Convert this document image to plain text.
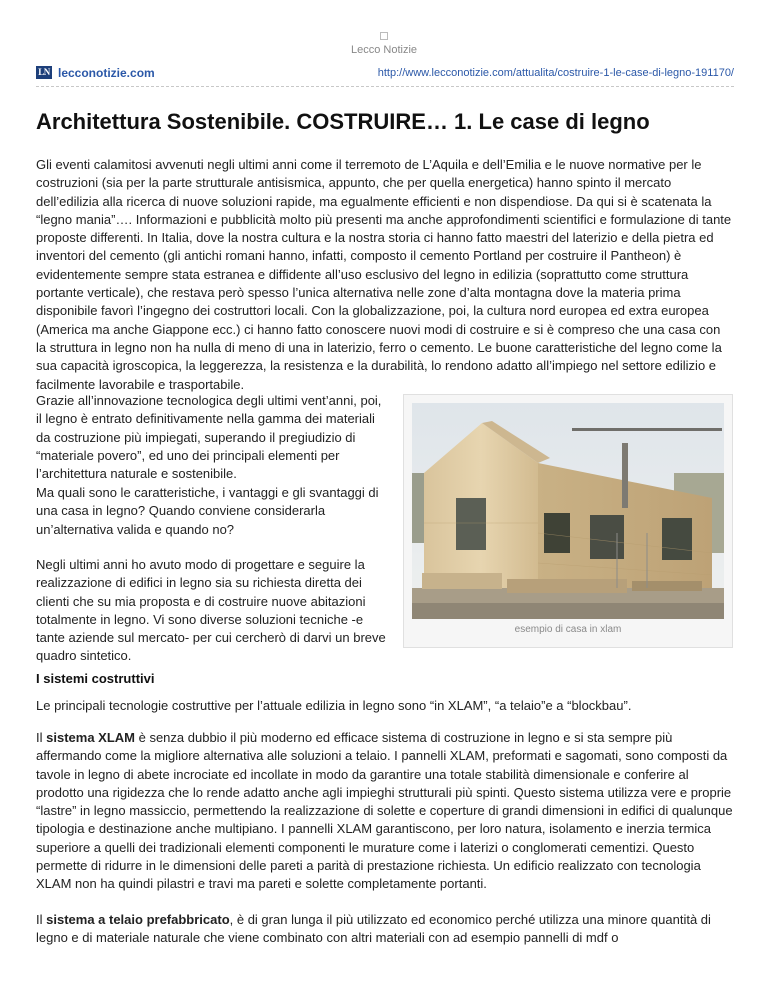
Lecco Notizie
LN lecconotizie.com	http://www.lecconotizie.com/attualita/costruire-1-le-case-di-legno-191170/
Architettura Sostenibile. COSTRUIRE… 1. Le case di legno

Gli eventi calamitosi avvenuti negli ultimi anni come il terremoto de L’Aquila e dell’Emilia e le nuove normative per le costruzioni (sia per la parte strutturale antisismica, appunto, che per quella energetica) hanno spinto il mercato dell’edilizia alla ricerca di nuove soluzioni rapide, ma egualmente efficienti e non dispendiose. Da qui si è scatenata la “legno mania”…. Informazioni e pubblicità molto più presenti ma anche approfondimenti scientifici e formulazione di tante proposte differenti. In Italia, dove la nostra cultura e la nostra storia ci hanno fatto maestri del laterizio e della pietra ed inventori del cemento (gli antichi romani hanno, infatti, composto il cemento Portland per costruire il Pantheon) è evidentemente sempre stata estranea e diffidente all’uso esclusivo del legno in edilizia (soprattutto come struttura portante verticale), che restava però spesso l’unica alternativa nelle zone d’alta montagna dove la materia prima disponibile favorì l’ingegno dei costruttori locali. Con la globalizzazione, poi, la cultura nord europea ed extra europea (America ma anche Giappone ecc.) ci hanno fatto conoscere nuovi modi di costruire e si è compreso che una casa con la struttura in legno non ha nulla di meno di una in laterizio, ferro o cemento. Le buone caratteristiche del legno come la sua capacità igroscopica, la leggerezza, la resistenza e la durabilità, lo rendono adatto all’impiego nel settore edilizio e facilmente lavorabile e trasportabile.

Grazie all’innovazione tecnologica degli ultimi vent’anni, poi, il legno è entrato definitivamente nella gamma dei materiali da costruzione più impiegati, superando il pregiudizio di “materiale povero”, ed uno dei principali elementi per l’architettura naturale e sostenibile.

Ma quali sono le caratteristiche, i vantaggi e gli svantaggi di una casa in legno? Quando conviene considerarla un’alternativa valida e quando no?

Negli ultimi anni ho avuto modo di progettare e seguire la realizzazione di edifici in legno sia su richiesta diretta dei clienti che su mia proposta e di costruire nuove abitazioni totalmente in legno. Vi sono diverse soluzioni tecniche -e tante aziende sul mercato- per cui cercherò di darvi un breve quadro sintetico.

esempio di casa in xlam
I sistemi costruttivi

Le principali tecnologie costruttive per l’attuale edilizia in legno sono “in XLAM”, “a telaio”e a “blockbau”.

Il sistema XLAM è senza dubbio il più moderno ed efficace sistema di costruzione in legno e si sta sempre più affermando come la migliore alternativa alle soluzioni a telaio. I pannelli XLAM, preformati e sagomati, sono composti da tavole in legno di abete incrociate ed incollate in modo da garantire una totale stabilità dimensionale e conferire al prodotto una rigidezza che lo rende adatto anche agli impieghi strutturali più spinti. Questo sistema utilizza vere e proprie “lastre” in legno massiccio, permettendo la realizzazione di solette e coperture di grandi dimensioni in edifici di qualunque tipologia e destinazione anche multipiano. I pannelli XLAM garantiscono, per loro natura, isolamento e inerzia termica superiore a quelli dei tradizionali elementi componenti le murature come i laterizi o conglomerati cementizi. Questo permette di ridurre in le dimensioni delle pareti a parità di prestazione richiesta. Un edificio realizzato con tecnologia XLAM non ha quindi pilastri e travi ma pareti e solette completamente portanti.

Il sistema a telaio prefabbricato, è di gran lunga il più utilizzato ed economico perché utilizza una minore quantità di legno e di materiale naturale che viene combinato con altri materiali con ad esempio pannelli di mdf o
